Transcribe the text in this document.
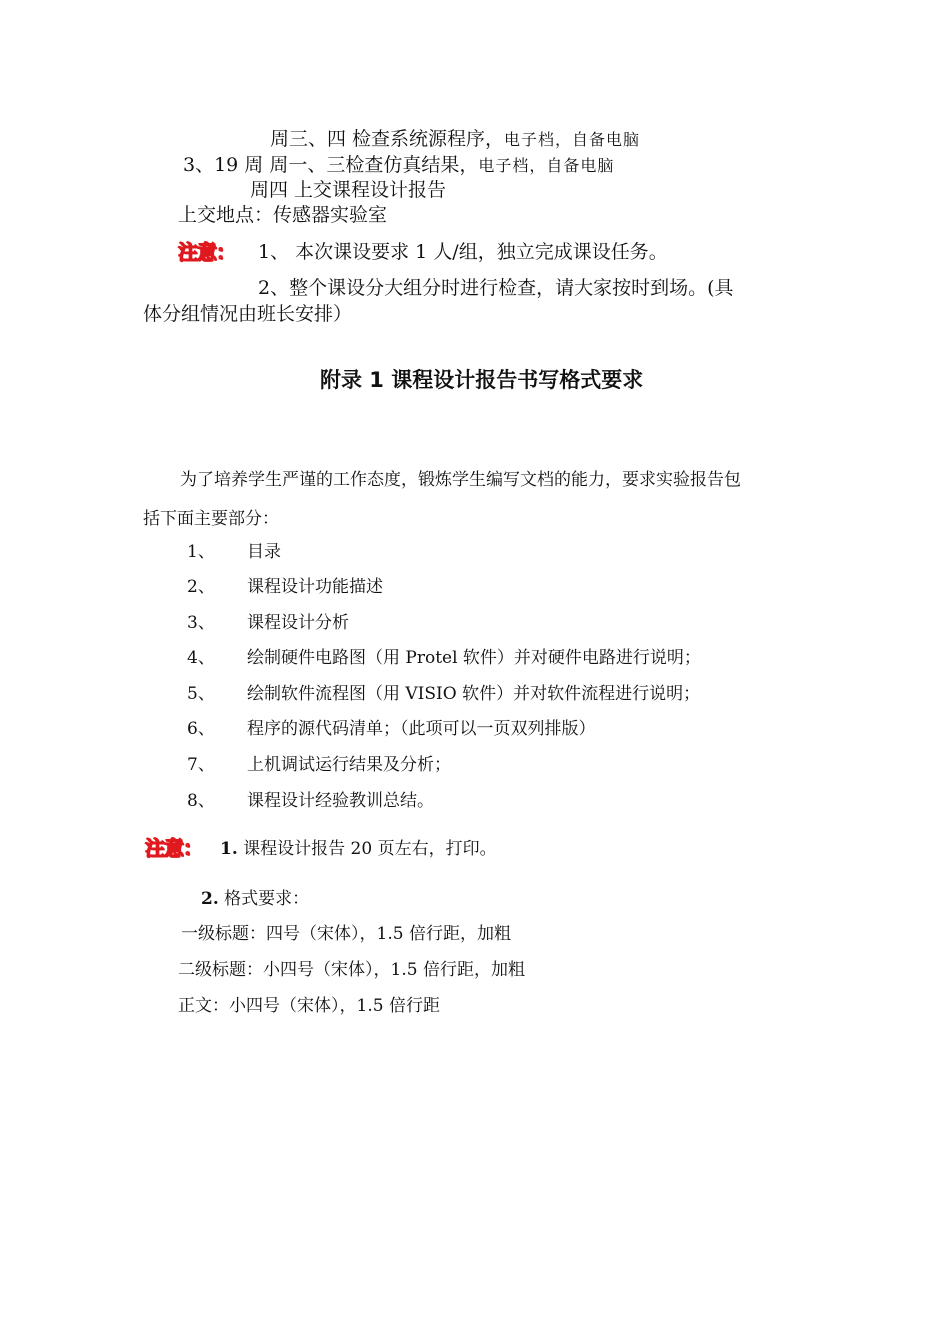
周三、四 检查系统源程序，电子档，自备电脑
3、19 周 周一、三检查仿真结果，电子档，自备电脑
周四 上交课程设计报告
上交地点：传感器实验室
注意： 1、 本次课设要求 1 人/组，独立完成课设任务。
2、整个课设分大组分时进行检查，请大家按时到场。(具
体分组情况由班长安排）
附录 1 课程设计报告书写格式要求
为了培养学生严谨的工作态度，锻炼学生编写文档的能力，要求实验报告包
括下面主要部分：
1、 目录
2、 课程设计功能描述
3、 课程设计分析
4、 绘制硬件电路图（用 Protel 软件）并对硬件电路进行说明；
5、 绘制软件流程图（用 VISIO 软件）并对软件流程进行说明；
6、 程序的源代码清单；（此项可以一页双列排版）
7、 上机调试运行结果及分析；
8、 课程设计经验教训总结。
注意： 1. 课程设计报告 20 页左右，打印。
2. 格式要求：
一级标题：四号（宋体），1.5 倍行距，加粗
二级标题：小四号（宋体），1.5 倍行距，加粗
正文：小四号（宋体），1.5 倍行距
